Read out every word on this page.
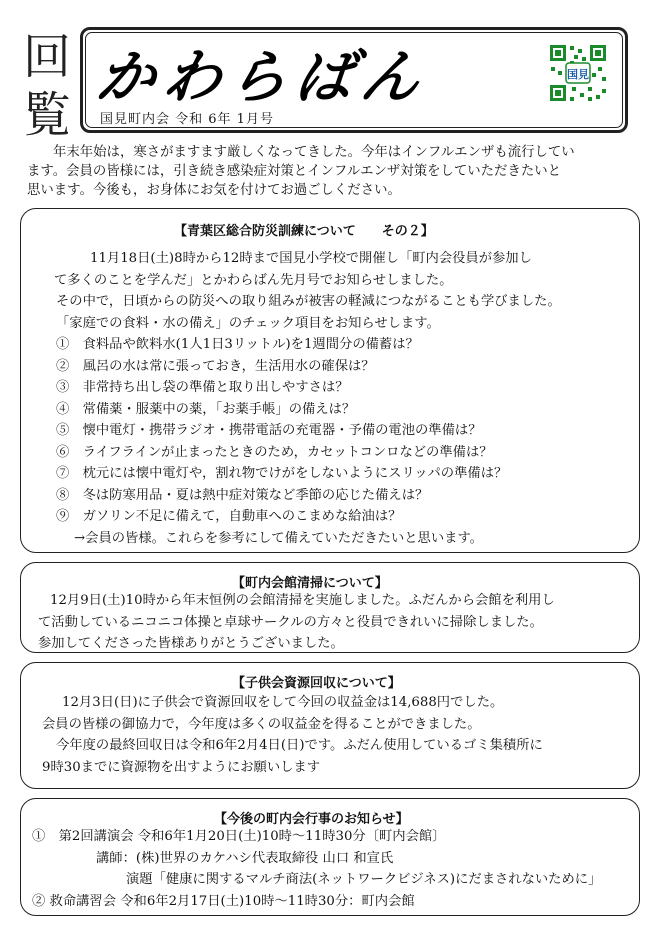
回
覧
かわらばん
国見町内会 令和 6年 1月号
国見

年末年始は，寒さがますます厳しくなってきした。今年はインフルエンザも流行してい

ます。会員の皆様には，引き続き感染症対策とインフルエンザ対策をしていただきたいと

思います。今後も，お身体にお気を付けてお過ごしください。

【青葉区総合防災訓練について　　その２】
11月18日(土)8時から12時まで国見小学校で開催し「町内会役員が参加し
て多くのことを学んだ」とかわらばん先月号でお知らせしました。
その中で，日頃からの防災への取り組みが被害の軽減につながることも学びました。
「家庭での食料・水の備え」のチェック項目をお知らせします。
①　食料品や飲料水(1人1日3リットル)を1週間分の備蓄は？
②　風呂の水は常に張っておき，生活用水の確保は？
③　非常持ち出し袋の準備と取り出しやすさは？
④　常備薬・服薬中の薬，「お薬手帳」の備えは？
⑤　懐中電灯・携帯ラジオ・携帯電話の充電器・予備の電池の準備は？
⑥　ライフラインが止まったときのため，カセットコンロなどの準備は？
⑦　枕元には懐中電灯や，割れ物でけがをしないようにスリッパの準備は？
⑧　冬は防寒用品・夏は熱中症対策など季節の応じた備えは？
⑨　ガソリン不足に備えて，自動車へのこまめな給油は？
→会員の皆様。これらを参考にして備えていただきたいと思います。
【町内会館清掃について】
12月9日(土)10時から年末恒例の会館清掃を実施しました。ふだんから会館を利用し
て活動しているニコニコ体操と卓球サークルの方々と役員できれいに掃除しました。
参加してくださった皆様ありがとうございました。
【子供会資源回収について】
12月3日(日)に子供会で資源回収をして今回の収益金は14,688円でした。
会員の皆様の御協力で，今年度は多くの収益金を得ることができました。
今年度の最終回収日は令和6年2月4日(日)です。ふだん使用しているゴミ集積所に
9時30までに資源物を出すようにお願いします
【今後の町内会行事のお知らせ】
①　第2回講演会 令和6年1月20日(土)10時～11時30分〔町内会館〕
講師：(株)世界のカケハシ代表取締役 山口 和宣氏
演題「健康に関するマルチ商法(ネットワークビジネス)にだまされないために」
② 救命講習会 令和6年2月17日(土)10時～11時30分：町内会館
